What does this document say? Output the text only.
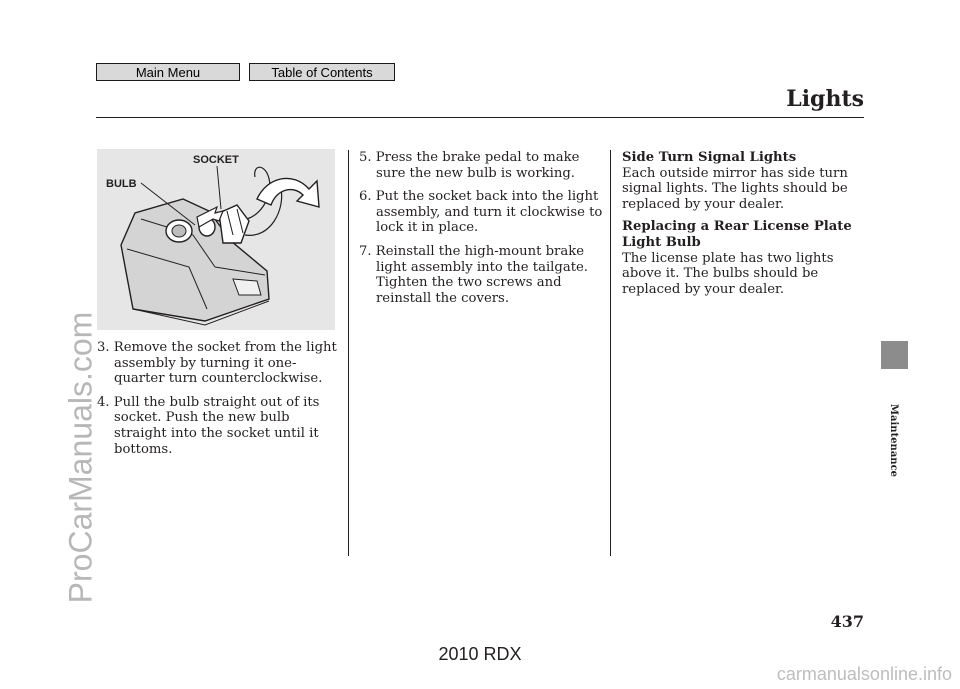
Main Menu	Table of Contents
Lights
SOCKET
BULB

3. Remove the socket from the light assembly by turning it one-quarter turn counterclockwise.

4. Pull the bulb straight out of its socket. Push the new bulb straight into the socket until it bottoms.

5. Press the brake pedal to make sure the new bulb is working.

6. Put the socket back into the light assembly, and turn it clockwise to lock it in place.

7. Reinstall the high-mount brake light assembly into the tailgate. Tighten the two screws and reinstall the covers.

Side Turn Signal Lights

Each outside mirror has side turn signal lights. The lights should be replaced by your dealer.

Replacing a Rear License Plate

Light Bulb

The license plate has two lights above it. The bulbs should be replaced by your dealer.

Maintenance
437
2010 RDX
ProCarManuals.com
carmanualsonline.info
